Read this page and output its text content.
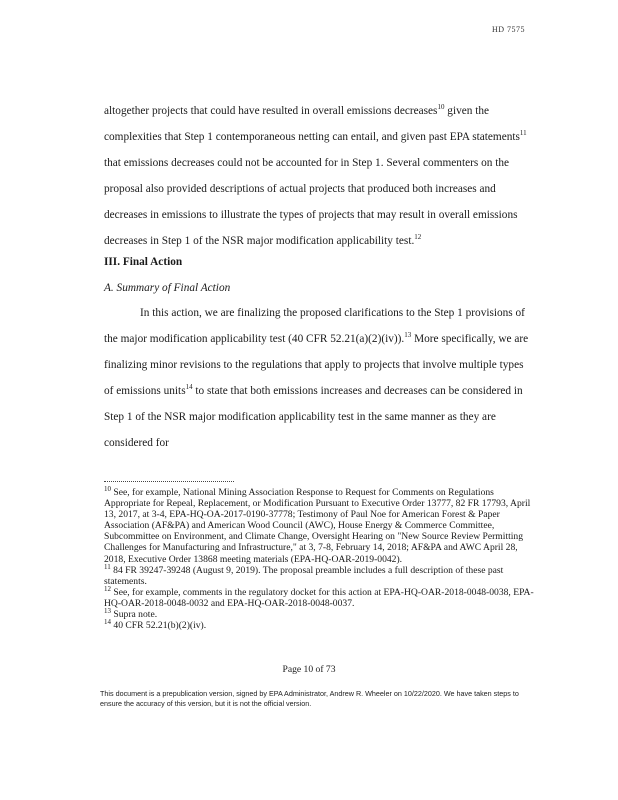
HD 7575

altogether projects that could have resulted in overall emissions decreases$^{10}$ given the complexities that Step 1 contemporaneous netting can entail, and given past EPA statements$^{11}$ that emissions decreases could not be accounted for in Step 1. Several commenters on the proposal also provided descriptions of actual projects that produced both increases and decreases in emissions to illustrate the types of projects that may result in overall emissions decreases in Step 1 of the NSR major modification applicability test.$^{12}$

III. Final Action
A. Summary of Final Action

In this action, we are finalizing the proposed clarifications to the Step 1 provisions of the major modification applicability test (40 CFR 52.21(a)(2)(iv)).$^{13}$ More specifically, we are finalizing minor revisions to the regulations that apply to projects that involve multiple types of emissions units$^{14}$ to state that both emissions increases and decreases can be considered in Step 1 of the NSR major modification applicability test in the same manner as they are considered for

$^{10}$ See, for example, National Mining Association Response to Request for Comments on Regulations Appropriate for Repeal, Replacement, or Modification Pursuant to Executive Order 13777, 82 FR 17793, April 13, 2017, at 3-4, EPA-HQ-OA-2017-0190-37778; Testimony of Paul Noe for American Forest & Paper Association (AF&PA) and American Wood Council (AWC), House Energy & Commerce Committee, Subcommittee on Environment, and Climate Change, Oversight Hearing on "New Source Review Permitting Challenges for Manufacturing and Infrastructure," at 3, 7-8, February 14, 2018; AF&PA and AWC April 28, 2018, Executive Order 13868 meeting materials (EPA-HQ-OAR-2019-0042).

$^{11}$ 84 FR 39247-39248 (August 9, 2019). The proposal preamble includes a full description of these past statements.

$^{12}$ See, for example, comments in the regulatory docket for this action at EPA-HQ-OAR-2018-0048-0038, EPA-HQ-OAR-2018-0048-0032 and EPA-HQ-OAR-2018-0048-0037.

$^{13}$ Supra note.

$^{14}$ 40 CFR 52.21(b)(2)(iv).

Page 10 of 73
This document is a prepublication version, signed by EPA Administrator, Andrew R. Wheeler on 10/22/2020. We have taken steps to ensure the accuracy of this version, but it is not the official version.
